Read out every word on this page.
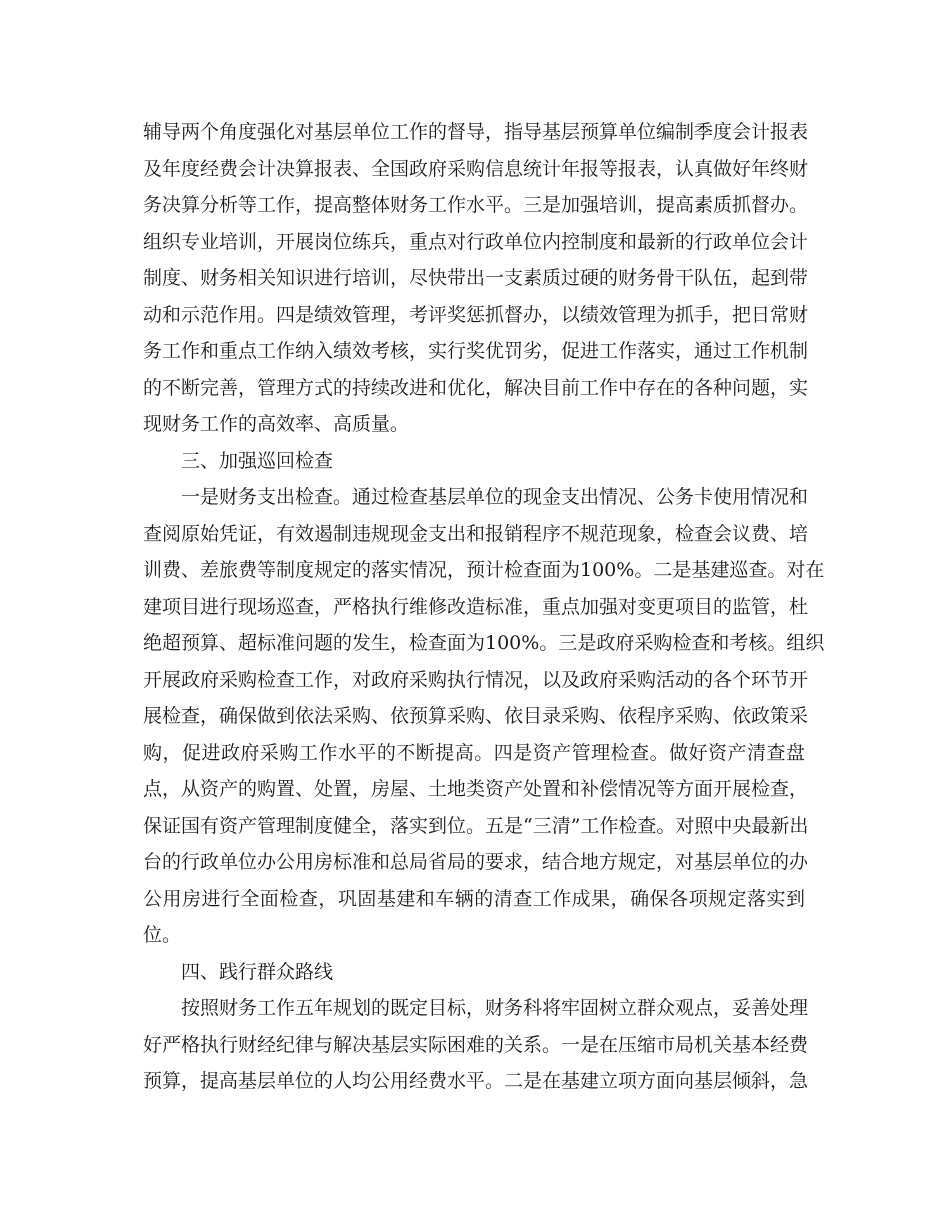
辅导两个角度强化对基层单位工作的督导，指导基层预算单位编制季度会计报表
及年度经费会计决算报表、全国政府采购信息统计年报等报表，认真做好年终财
务决算分析等工作，提高整体财务工作水平。三是加强培训，提高素质抓督办。
组织专业培训，开展岗位练兵，重点对行政单位内控制度和最新的行政单位会计
制度、财务相关知识进行培训，尽快带出一支素质过硬的财务骨干队伍，起到带
动和示范作用。四是绩效管理，考评奖惩抓督办，以绩效管理为抓手，把日常财
务工作和重点工作纳入绩效考核，实行奖优罚劣，促进工作落实，通过工作机制
的不断完善，管理方式的持续改进和优化，解决目前工作中存在的各种问题，实
现财务工作的高效率、高质量。
三、加强巡回检查
一是财务支出检查。通过检查基层单位的现金支出情况、公务卡使用情况和
查阅原始凭证，有效遏制违规现金支出和报销程序不规范现象，检查会议费、培
训费、差旅费等制度规定的落实情况，预计检查面为100%。二是基建巡查。对在
建项目进行现场巡查，严格执行维修改造标准，重点加强对变更项目的监管，杜
绝超预算、超标准问题的发生，检查面为100%。三是政府采购检查和考核。组织
开展政府采购检查工作，对政府采购执行情况，以及政府采购活动的各个环节开
展检查，确保做到依法采购、依预算采购、依目录采购、依程序采购、依政策采
购，促进政府采购工作水平的不断提高。四是资产管理检查。做好资产清查盘
点，从资产的购置、处置，房屋、土地类资产处置和补偿情况等方面开展检查，
保证国有资产管理制度健全，落实到位。五是“三清”工作检查。对照中央最新出
台的行政单位办公用房标准和总局省局的要求，结合地方规定，对基层单位的办
公用房进行全面检查，巩固基建和车辆的清查工作成果，确保各项规定落实到
位。
四、践行群众路线
按照财务工作五年规划的既定目标，财务科将牢固树立群众观点，妥善处理
好严格执行财经纪律与解决基层实际困难的关系。一是在压缩市局机关基本经费
预算，提高基层单位的人均公用经费水平。二是在基建立项方面向基层倾斜，急
